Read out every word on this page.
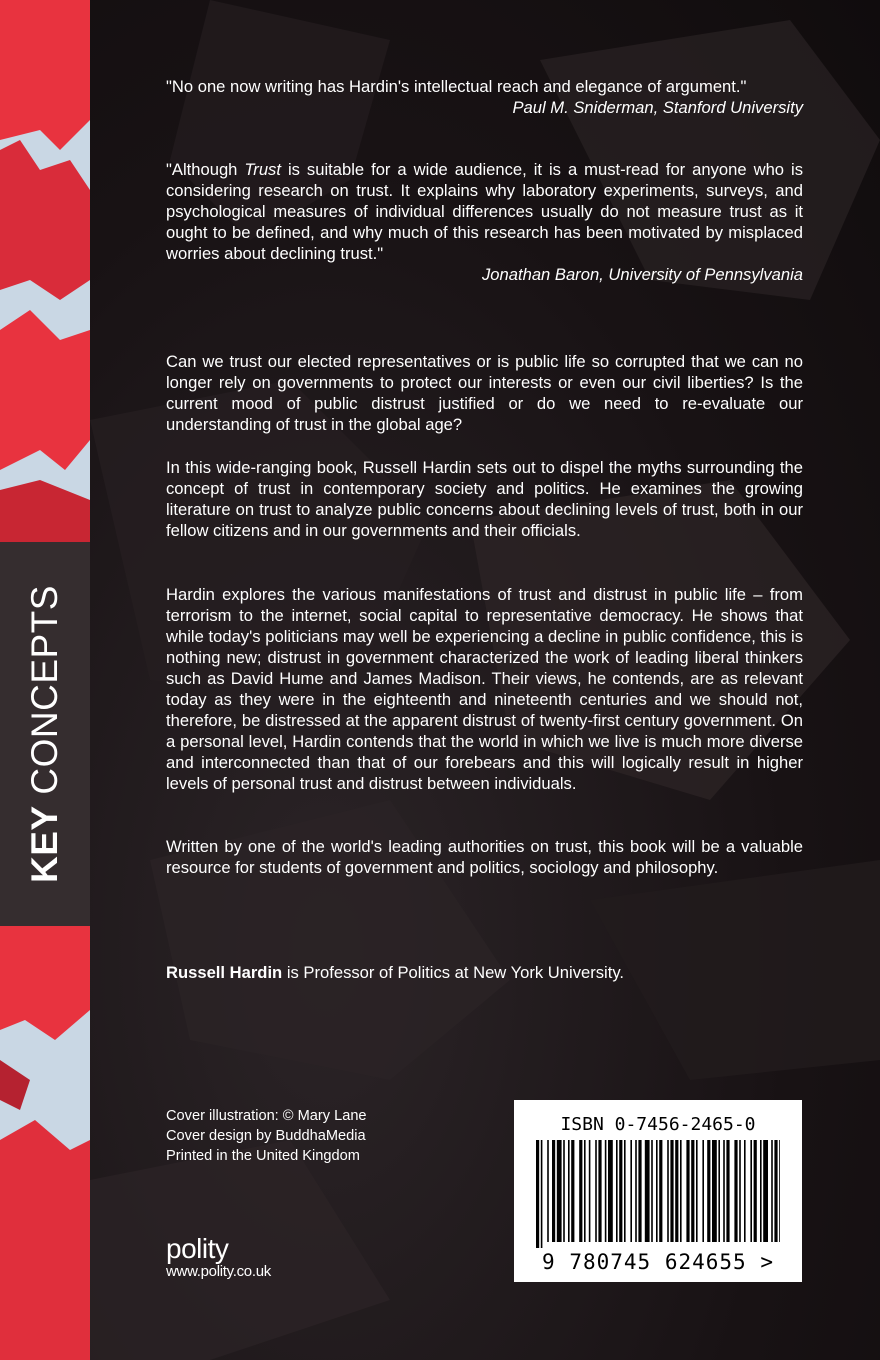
KEY CONCEPTS

"No one now writing has Hardin's intellectual reach and elegance of argument."

Paul M. Sniderman, Stanford University

"Although Trust is suitable for a wide audience, it is a must-read for anyone who is considering research on trust. It explains why laboratory experiments, surveys, and psychological measures of individual differences usually do not measure trust as it ought to be defined, and why much of this research has been motivated by misplaced worries about declining trust."

Jonathan Baron, University of Pennsylvania

Can we trust our elected representatives or is public life so corrupted that we can no longer rely on governments to protect our interests or even our civil liberties? Is the current mood of public distrust justified or do we need to re-evaluate our understanding of trust in the global age?

In this wide-ranging book, Russell Hardin sets out to dispel the myths surrounding the concept of trust in contemporary society and politics. He examines the growing literature on trust to analyze public concerns about declining levels of trust, both in our fellow citizens and in our governments and their officials.

Hardin explores the various manifestations of trust and distrust in public life – from terrorism to the internet, social capital to representative democracy. He shows that while today's politicians may well be experiencing a decline in public confidence, this is nothing new; distrust in government characterized the work of leading liberal thinkers such as David Hume and James Madison. Their views, he contends, are as relevant today as they were in the eighteenth and nineteenth centuries and we should not, therefore, be distressed at the apparent distrust of twenty-first century government. On a personal level, Hardin contends that the world in which we live is much more diverse and interconnected than that of our forebears and this will logically result in higher levels of personal trust and distrust between individuals.

Written by one of the world's leading authorities on trust, this book will be a valuable resource for students of government and politics, sociology and philosophy.

Russell Hardin is Professor of Politics at New York University.

Cover illustration: © Mary Lane
Cover design by BuddhaMedia
Printed in the United Kingdom
polity
www.polity.co.uk
ISBN 0-7456-2465-0
9 780745 624655 >
